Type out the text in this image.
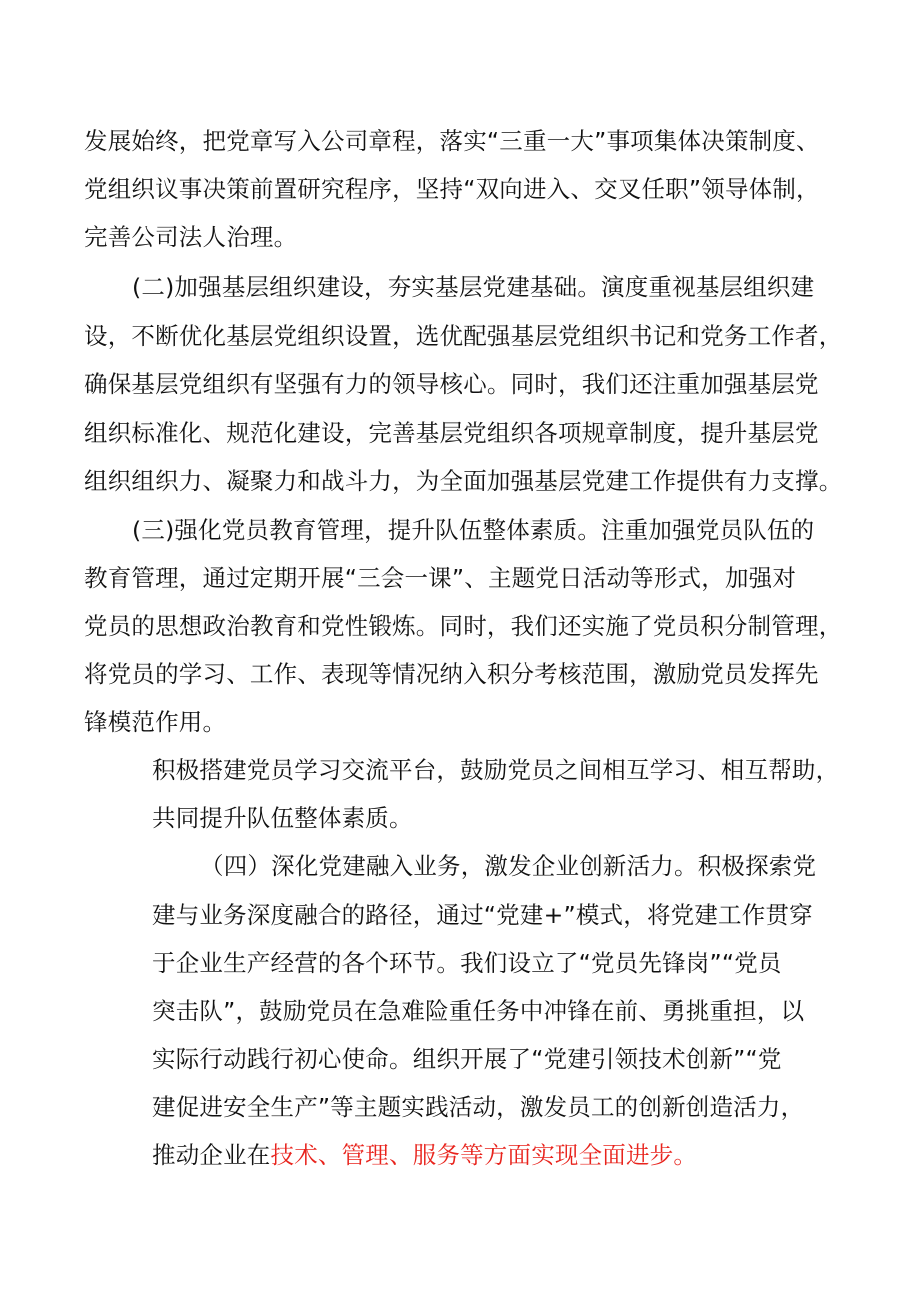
发展始终，把党章写入公司章程，落实“三重一大”事项集体决策制度、
党组织议事决策前置研究程序，坚持“双向进入、交叉任职”领导体制，
完善公司法人治理。
(二)加强基层组织建设，夯实基层党建基础。演度重视基层组织建
设，不断优化基层党组织设置，选优配强基层党组织书记和党务工作者，
确保基层党组织有坚强有力的领导核心。同时，我们还注重加强基层党
组织标准化、规范化建设，完善基层党组织各项规章制度，提升基层党
组织组织力、凝聚力和战斗力，为全面加强基层党建工作提供有力支撑。
(三)强化党员教育管理，提升队伍整体素质。注重加强党员队伍的
教育管理，通过定期开展“三会一课”、主题党日活动等形式，加强对
党员的思想政治教育和党性锻炼。同时，我们还实施了党员积分制管理，
将党员的学习、工作、表现等情况纳入积分考核范围，激励党员发挥先
锋模范作用。
积极搭建党员学习交流平台，鼓励党员之间相互学习、相互帮助，
共同提升队伍整体素质。
（四）深化党建融入业务，激发企业创新活力。积极探索党
建与业务深度融合的路径，通过“党建+”模式，将党建工作贯穿
于企业生产经营的各个环节。我们设立了“党员先锋岗”“党员
突击队”，鼓励党员在急难险重任务中冲锋在前、勇挑重担，以
实际行动践行初心使命。组织开展了“党建引领技术创新”“党
建促进安全生产”等主题实践活动，激发员工的创新创造活力，
推动企业在技术、管理、服务等方面实现全面进步。
